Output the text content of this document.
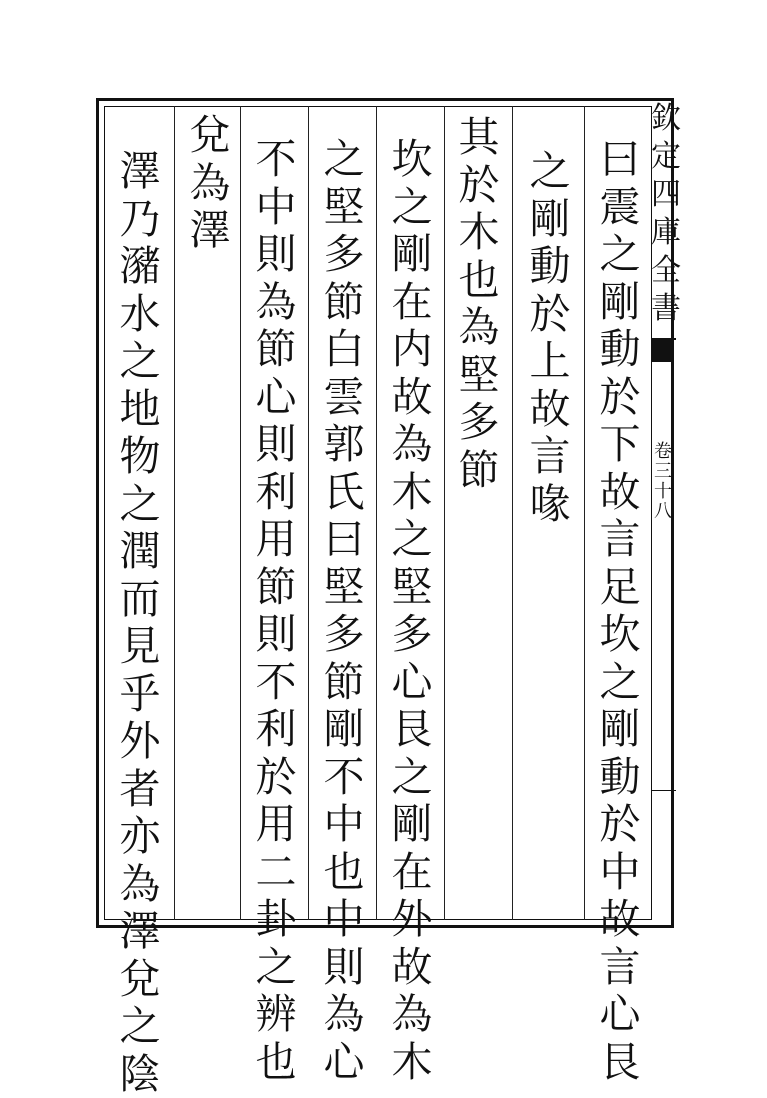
欽
定
四
庫
全
書
卷
三
十
八
曰
震
之
剛
動
於
下
故
言
足
坎
之
剛
動
於
中
故
言
心
艮
之
剛
動
於
上
故
言
喙
其
於
木
也
為
堅
多
節
坎
之
剛
在
内
故
為
木
之
堅
多
心
艮
之
剛
在
外
故
為
木
之
堅
多
節
白
雲
郭
氏
曰
堅
多
節
剛
不
中
也
中
則
為
心
不
中
則
為
節
心
則
利
用
節
則
不
利
於
用
二
卦
之
辨
也
兌
為
澤
澤
乃
瀦
水
之
地
物
之
潤
而
見
乎
外
者
亦
為
澤
兌
之
陰
